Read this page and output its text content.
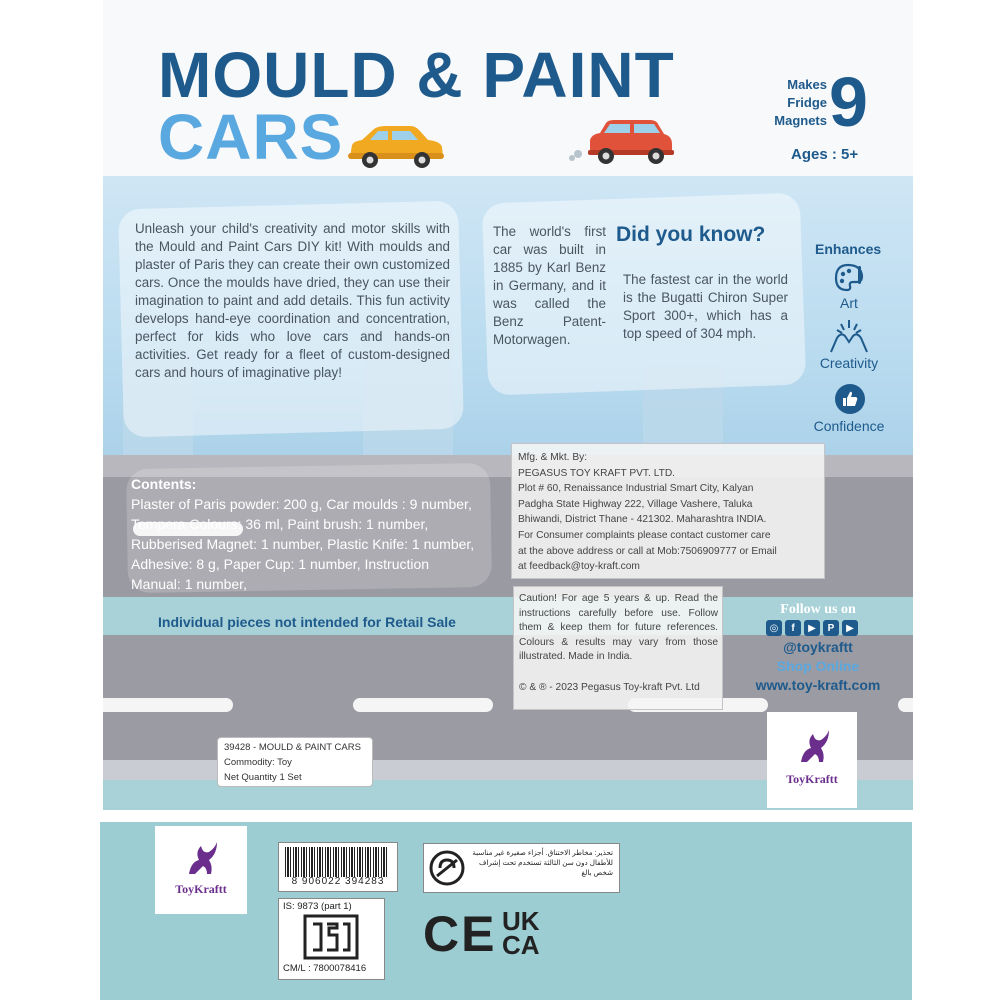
MOULD & PAINT
CARS
Makes
Fridge
Magnets 9
Ages : 5+
Unleash your child's creativity and motor skills with the Mould and Paint Cars DIY kit! With moulds and plaster of Paris they can create their own customized cars. Once the moulds have dried, they can use their imagination to paint and add details. This fun activity develops hand-eye coordination and concentration, perfect for kids who love cars and hands-on activities. Get ready for a fleet of custom-designed cars and hours of imaginative play!
The world's first car was built in 1885 by Karl Benz in Germany, and it was called the Benz Patent-Motorwagen.
Did you know?
The fastest car in the world is the Bugatti Chiron Super Sport 300+, which has a top speed of 304 mph.
Enhances
Art
Creativity
Confidence
Contents:
Plaster of Paris powder: 200 g, Car moulds : 9 number, Tempera Colours: 36 ml, Paint brush: 1 number, Rubberised Magnet: 1 number, Plastic Knife: 1 number, Adhesive: 8 g, Paper Cup: 1 number, Instruction Manual: 1 number,
Individual pieces not intended for Retail Sale
Mfg. & Mkt. By:
PEGASUS TOY KRAFT PVT. LTD.
Plot # 60, Renaissance Industrial Smart City, Kalyan
Padgha State Highway 222, Village Vashere, Taluka
Bhiwandi, District Thane - 421302. Maharashtra INDIA.
For Consumer complaints please contact customer care
at the above address or call at Mob:7506909777 or Email
at feedback@toy-kraft.com
Caution! For age 5 years & up. Read the instructions carefully before use. Follow them & keep them for future references. Colours & results may vary from those illustrated. Made in India.
© & ® - 2023 Pegasus Toy-kraft Pvt. Ltd
Follow us on
◎	f	▶	P	▶
@toykraftt
Shop Online
www.toy-kraft.com
ToyKraftt
39428 - MOULD & PAINT CARS
Commodity: Toy
Net Quantity 1 Set
ToyKraftt
8 906022 394283
IS: 9873 (part 1)
CM/L : 7800078416
تحذير: مخاطر الاختناق. أجزاء صغيرة غير مناسبة للأطفال دون سن الثالثة تستخدم تحت إشراف شخص بالغ
CE UK
CA
